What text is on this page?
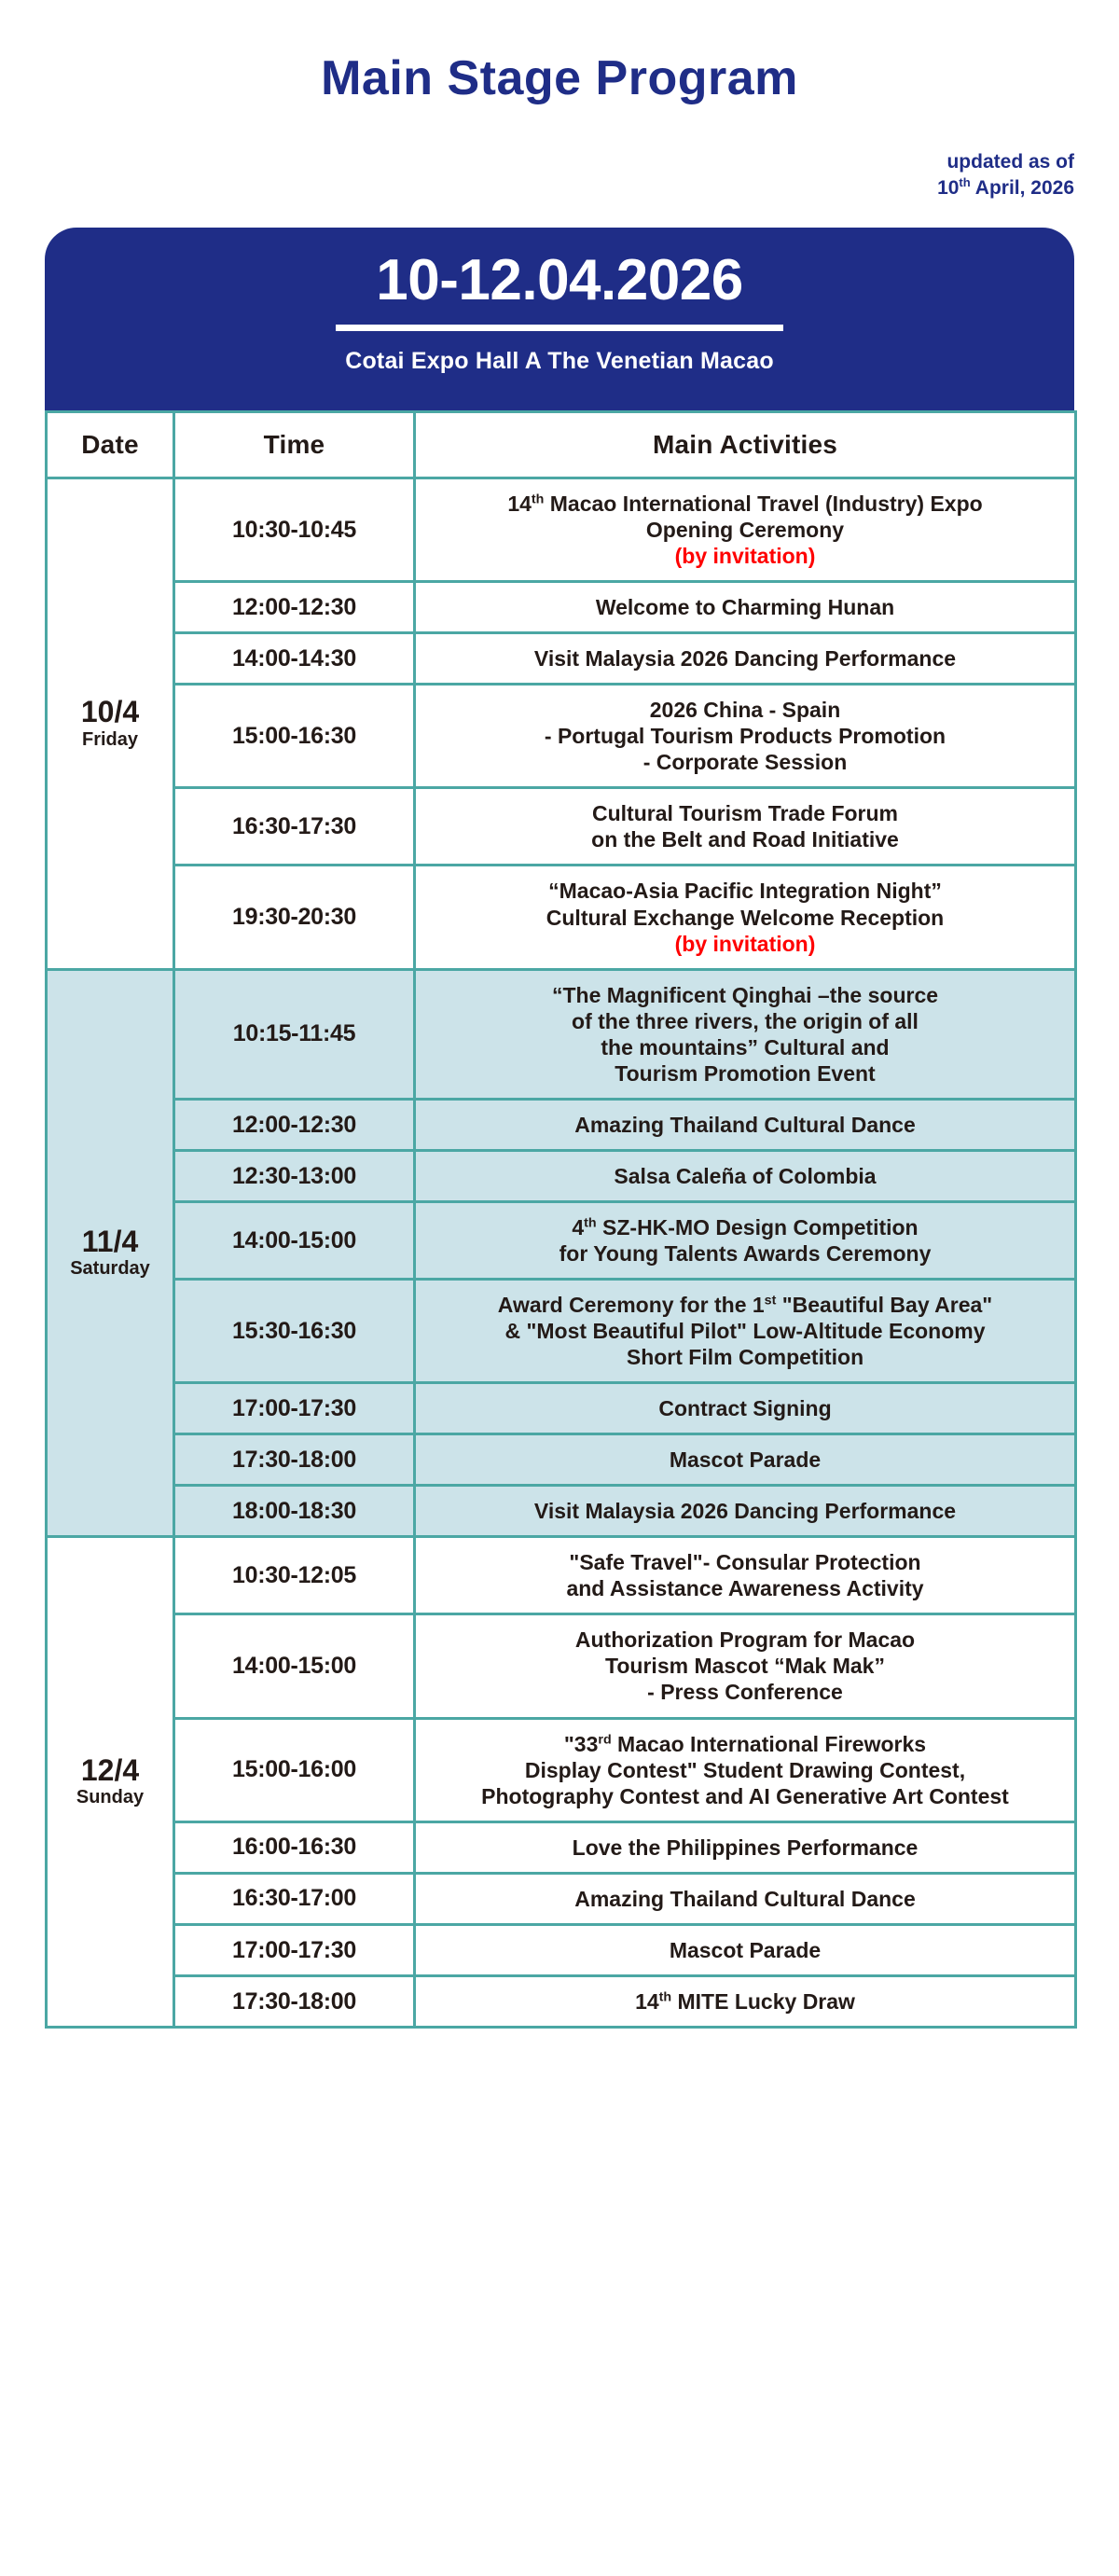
Main Stage Program
updated as of
10th April, 2026
10-12.04.2026
Cotai Expo Hall A The Venetian Macao
Date	Time	Main Activities

10/4
Friday	10:30-10:45	14th Macao International Travel (Industry) Expo
Opening Ceremony
(by invitation)

	12:00-12:30	Welcome to Charming Hunan

	14:00-14:30	Visit Malaysia 2026 Dancing Performance

	15:00-16:30	2026 China - Spain
- Portugal Tourism Products Promotion
- Corporate Session

	16:30-17:30	Cultural Tourism Trade Forum
on the Belt and Road Initiative

	19:30-20:30	“Macao-Asia Pacific Integration Night”
Cultural Exchange Welcome Reception
(by invitation)

11/4
Saturday	10:15-11:45	“The Magnificent Qinghai –the source
of the three rivers, the origin of all
the mountains” Cultural and
Tourism Promotion Event

	12:00-12:30	Amazing Thailand Cultural Dance

	12:30-13:00	Salsa Caleña of Colombia

	14:00-15:00	4th SZ-HK-MO Design Competition
for Young Talents Awards Ceremony

	15:30-16:30	Award Ceremony for the 1st "Beautiful Bay Area"
& "Most Beautiful Pilot" Low-Altitude Economy
Short Film Competition

	17:00-17:30	Contract Signing

	17:30-18:00	Mascot Parade

	18:00-18:30	Visit Malaysia 2026 Dancing Performance

12/4
Sunday	10:30-12:05	"Safe Travel"- Consular Protection
and Assistance Awareness Activity

	14:00-15:00	Authorization Program for Macao
Tourism Mascot “Mak Mak”
- Press Conference

	15:00-16:00	"33rd Macao International Fireworks
Display Contest" Student Drawing Contest,
Photography Contest and AI Generative Art Contest

	16:00-16:30	Love the Philippines Performance

	16:30-17:00	Amazing Thailand Cultural Dance

	17:00-17:30	Mascot Parade

	17:30-18:00	14th MITE Lucky Draw
